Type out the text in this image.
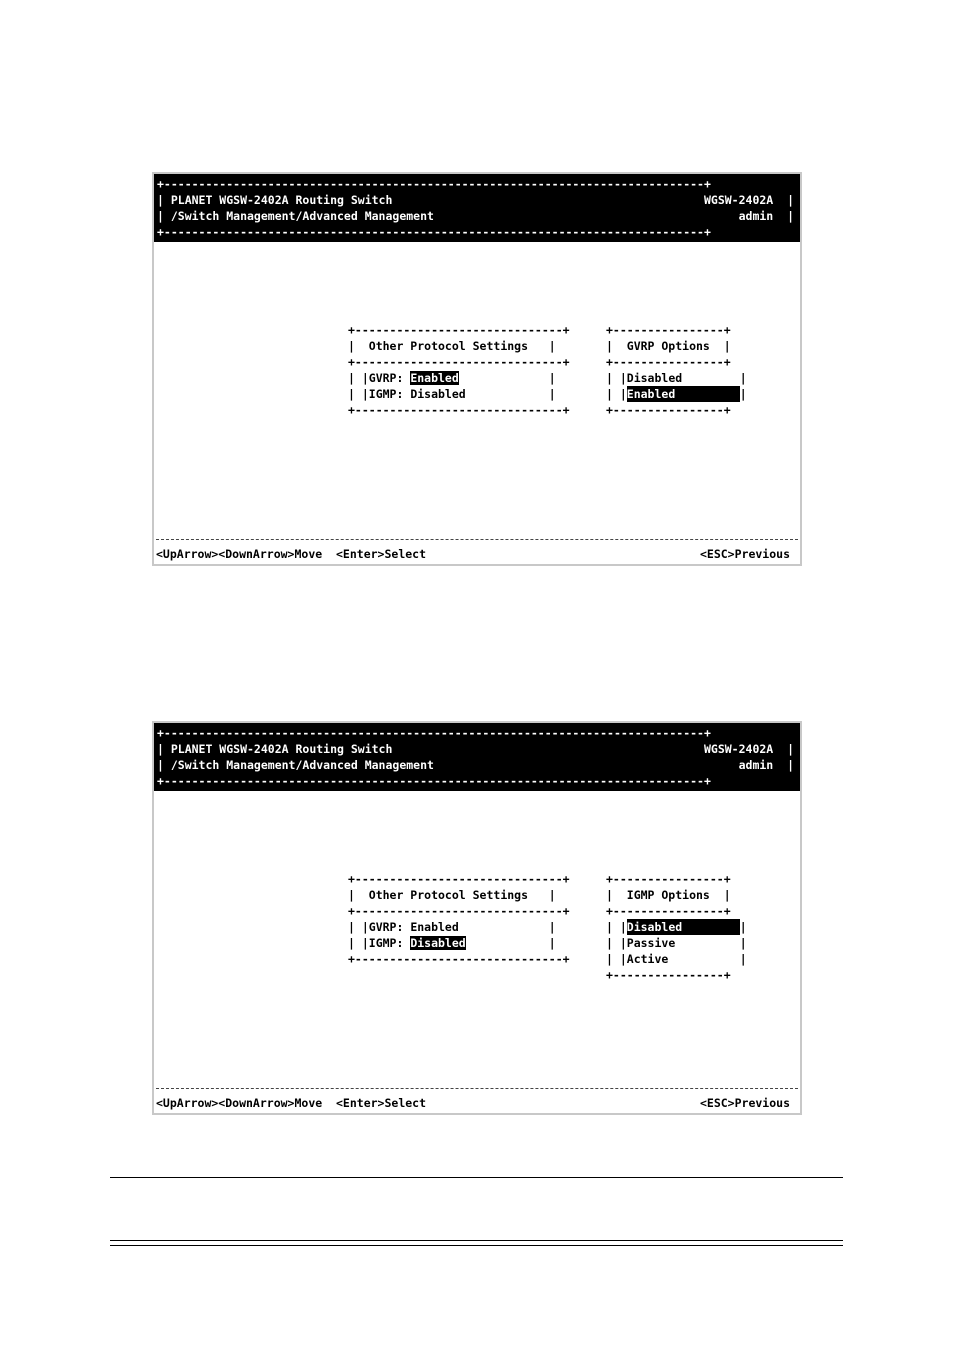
+------------------------------------------------------------------------------+
| PLANET WGSW-2402A Routing Switch
| /Switch Management/Advanced Management
+------------------------------------------------------------------------------+
WGSW-2402A  |
admin  |
+------------------------------+
|  Other Protocol Settings   |
+------------------------------+
| |GVRP: Enabled             |
| |IGMP: Disabled            |
+------------------------------+
+----------------+
|  GVRP Options  |
+----------------+
| |Disabled	|
| |Enabled	|
+----------------+

<UpArrow><DownArrow>Move  <Enter>Select

	<ESC>Previous

+------------------------------------------------------------------------------+
| PLANET WGSW-2402A Routing Switch
| /Switch Management/Advanced Management
+------------------------------------------------------------------------------+
WGSW-2402A  |
admin  |
+------------------------------+
|  Other Protocol Settings   |
+------------------------------+
| |GVRP: Enabled             |
| |IGMP: Disabled            |
+------------------------------+
+----------------+
|  IGMP Options  |
+----------------+
| |Disabled	|
| |Passive	|
| |Active	|
+----------------+

<UpArrow><DownArrow>Move  <Enter>Select

	<ESC>Previous
